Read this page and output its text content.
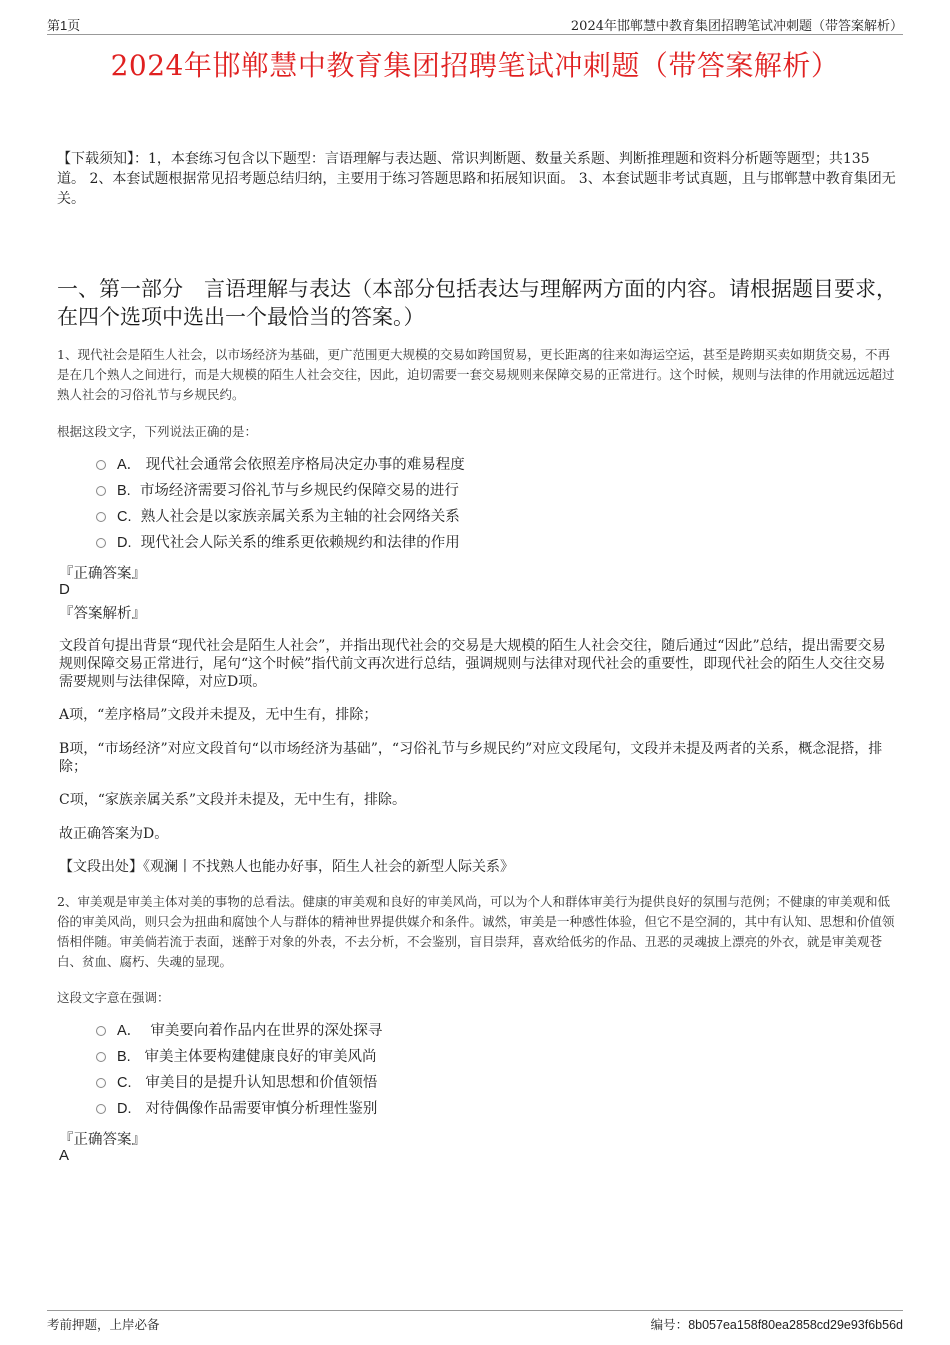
第1页	2024年邯郸慧中教育集团招聘笔试冲刺题（带答案解析）
2024年邯郸慧中教育集团招聘笔试冲刺题（带答案解析）
【下载须知】：1，本套练习包含以下题型：言语理解与表达题、常识判断题、数量关系题、判断推理题和资料分析题等题型；共135道。 2、本套试题根据常见招考题总结归纳，主要用于练习答题思路和拓展知识面。 3、本套试题非考试真题，且与邯郸慧中教育集团无关。
一、第一部分　言语理解与表达（本部分包括表达与理解两方面的内容。请根据题目要求，在四个选项中选出一个最恰当的答案。）
1、现代社会是陌生人社会，以市场经济为基础，更广范围更大规模的交易如跨国贸易，更长距离的往来如海运空运，甚至是跨期买卖如期货交易，不再是在几个熟人之间进行，而是大规模的陌生人社会交往，因此，迫切需要一套交易规则来保障交易的正常进行。这个时候，规则与法律的作用就远远超过熟人社会的习俗礼节与乡规民约。
根据这段文字，下列说法正确的是：
A．
现代社会通常会依照差序格局决定办事的难易程度
B.
市场经济需要习俗礼节与乡规民约保障交易的进行
C.
熟人社会是以家族亲属关系为主轴的社会网络关系
D.
现代社会人际关系的维系更依赖规约和法律的作用
『正确答案』
D
『答案解析』
文段首句提出背景“现代社会是陌生人社会”，并指出现代社会的交易是大规模的陌生人社会交往，随后通过“因此”总结，提出需要交易规则保障交易正常进行，尾句“这个时候”指代前文再次进行总结，强调规则与法律对现代社会的重要性，即现代社会的陌生人交往交易需要规则与法律保障，对应D项。
A项，“差序格局”文段并未提及，无中生有，排除；
B项，“市场经济”对应文段首句“以市场经济为基础”，“习俗礼节与乡规民约”对应文段尾句，文段并未提及两者的关系，概念混搭，排除；
C项，“家族亲属关系”文段并未提及，无中生有，排除。
故正确答案为D。
【文段出处】《观澜丨不找熟人也能办好事，陌生人社会的新型人际关系》
2、审美观是审美主体对美的事物的总看法。健康的审美观和良好的审美风尚，可以为个人和群体审美行为提供良好的氛围与范例；不健康的审美观和低俗的审美风尚，则只会为扭曲和腐蚀个人与群体的精神世界提供媒介和条件。诚然，审美是一种感性体验，但它不是空洞的，其中有认知、思想和价值领悟相伴随。审美倘若流于表面，迷醉于对象的外表，不去分析，不会鉴别，盲目崇拜，喜欢给低劣的作品、丑恶的灵魂披上漂亮的外衣，就是审美观苍白、贫血、腐朽、失魂的显现。
这段文字意在强调：
A．
审美要向着作品内在世界的深处探寻
B.
审美主体要构建健康良好的审美风尚
C.
审美目的是提升认知思想和价值领悟
D.
对待偶像作品需要审慎分析理性鉴别
『正确答案』
A
考前押题，上岸必备	编号：8b057ea158f80ea2858cd29e93f6b56d
